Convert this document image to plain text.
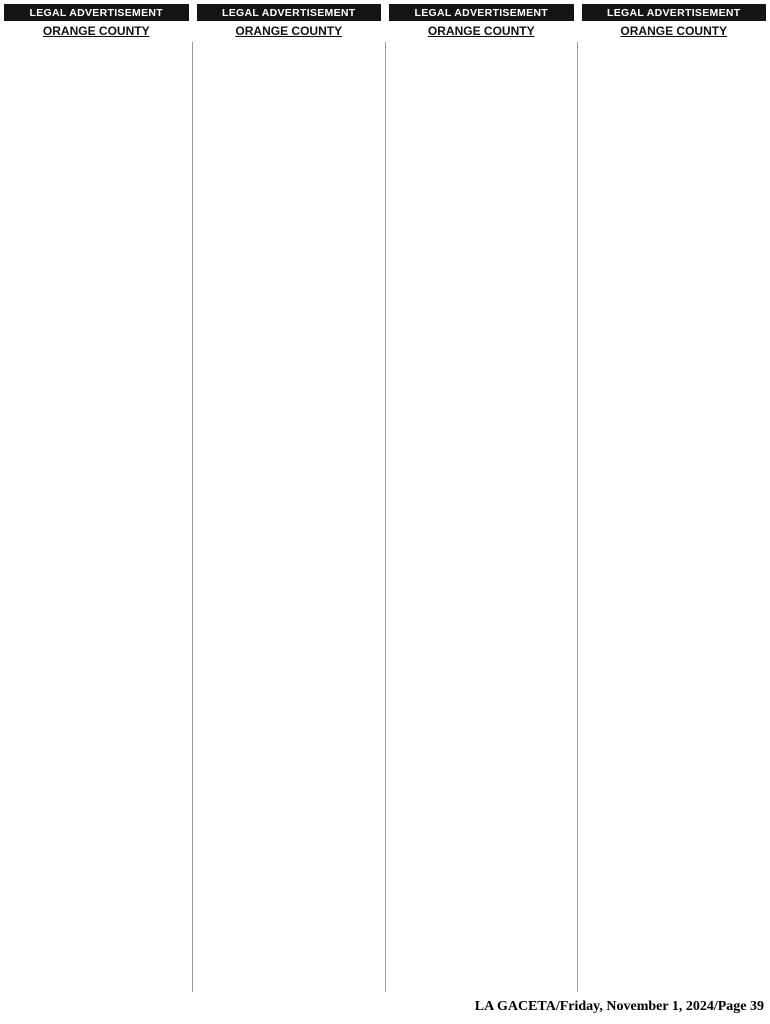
LEGAL ADVERTISEMENT
ORANGE COUNTY
LEGAL ADVERTISEMENT
ORANGE COUNTY
LEGAL ADVERTISEMENT
ORANGE COUNTY
LEGAL ADVERTISEMENT
ORANGE COUNTY
LA GACETA /Friday, November 1, 2024/ Page 39
